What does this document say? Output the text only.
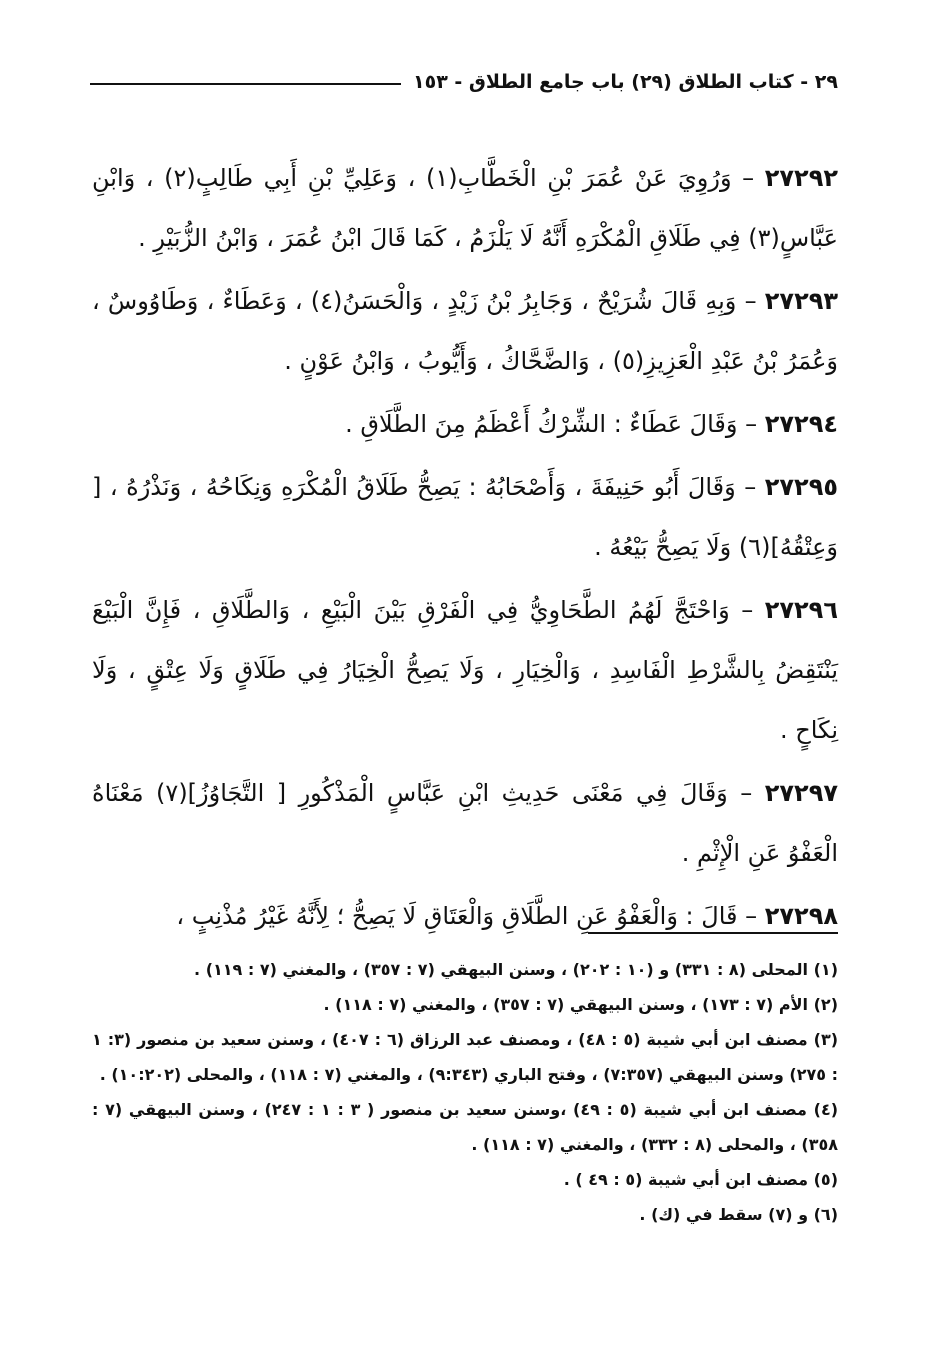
٢٩ - كتاب الطلاق (٢٩) باب جامع الطلاق - ١٥٣

٢٧٢٩٢ – وَرُوِيَ عَنْ عُمَرَ بْنِ الْخَطَّابِ(١) ، وَعَلِيِّ بْنِ أَبِي طَالِبٍ(٢) ، وَابْنِ عَبَّاسٍ(٣) فِي طَلَاقِ الْمُكْرَهِ أَنَّهُ لَا يَلْزَمُ ، كَمَا قَالَ ابْنُ عُمَرَ ، وَابْنُ الزُّبَيْرِ .

٢٧٢٩٣ – وَبِهِ قَالَ شُرَيْحٌ ، وَجَابِرُ بْنُ زَيْدٍ ، وَالْحَسَنُ(٤) ، وَعَطَاءٌ ، وَطَاوُوسٌ ، وَعُمَرُ بْنُ عَبْدِ الْعَزِيزِ(٥) ، وَالضَّحَّاكُ ، وَأَيُّوبُ ، وَابْنُ عَوْنٍ .

٢٧٢٩٤ – وَقَالَ عَطَاءٌ : الشِّرْكُ أَعْظَمُ مِنَ الطَّلَاقِ .

٢٧٢٩٥ – وَقَالَ أَبُو حَنِيفَةَ ، وَأَصْحَابُهُ : يَصِحُّ طَلَاقُ الْمُكْرَهِ وَنِكَاحُهُ ، وَنَذْرُهُ ، [ وَعِتْقُهُ](٦) وَلَا يَصِحُّ بَيْعُهُ .

٢٧٢٩٦ – وَاحْتَجَّ لَهُمُ الطَّحَاوِيُّ فِي الْفَرْقِ بَيْنَ الْبَيْعِ ، وَالطَّلَاقِ ، فَإِنَّ الْبَيْعَ يَنْتَقِضُ بِالشَّرْطِ الْفَاسِدِ ، وَالْخِيَارِ ، وَلَا يَصِحُّ الْخِيَارُ فِي طَلَاقٍ وَلَا عِتْقٍ ، وَلَا نِكَاحٍ .

٢٧٢٩٧ – وَقَالَ فِي مَعْنَى حَدِيثِ ابْنِ عَبَّاسٍ الْمَذْكُورِ [ التَّجَاوُزُ](٧) مَعْنَاهُ الْعَفْوُ عَنِ الْإِثْمِ .

٢٧٢٩٨ – قَالَ : وَالْعَفْوُ عَنِ الطَّلَاقِ وَالْعَتَاقِ لَا يَصِحُّ ؛ لِأَنَّهُ غَيْرُ مُذْنِبٍ ،

(١) المحلى (٨ : ٣٣١) و (١٠ : ٢٠٢) ، وسنن البيهقي (٧ : ٣٥٧) ، والمغني (٧ : ١١٩) .

(٢) الأم (٧ : ١٧٣) ، وسنن البيهقي (٧ : ٣٥٧) ، والمغني (٧ : ١١٨) .

(٣) مصنف ابن أبي شيبة (٥ : ٤٨) ، ومصنف عبد الرزاق (٦ : ٤٠٧) ، وسنن سعيد بن منصور (٣: ١ : ٢٧٥) وسنن البيهقي (٧:٣٥٧) ، وفتح الباري (٩:٣٤٣) ، والمغني (٧ : ١١٨) ، والمحلى (١٠:٢٠٢) .

(٤) مصنف ابن أبي شيبة (٥ : ٤٩) ،وسنن سعيد بن منصور ( ٣ : ١ : ٢٤٧) ، وسنن البيهقي (٧ : ٣٥٨) ، والمحلى (٨ : ٣٣٢) ، والمغني (٧ : ١١٨) .

(٥) مصنف ابن أبي شيبة (٥ : ٤٩ ) .

(٦) و (٧) سقط في (ك) .
